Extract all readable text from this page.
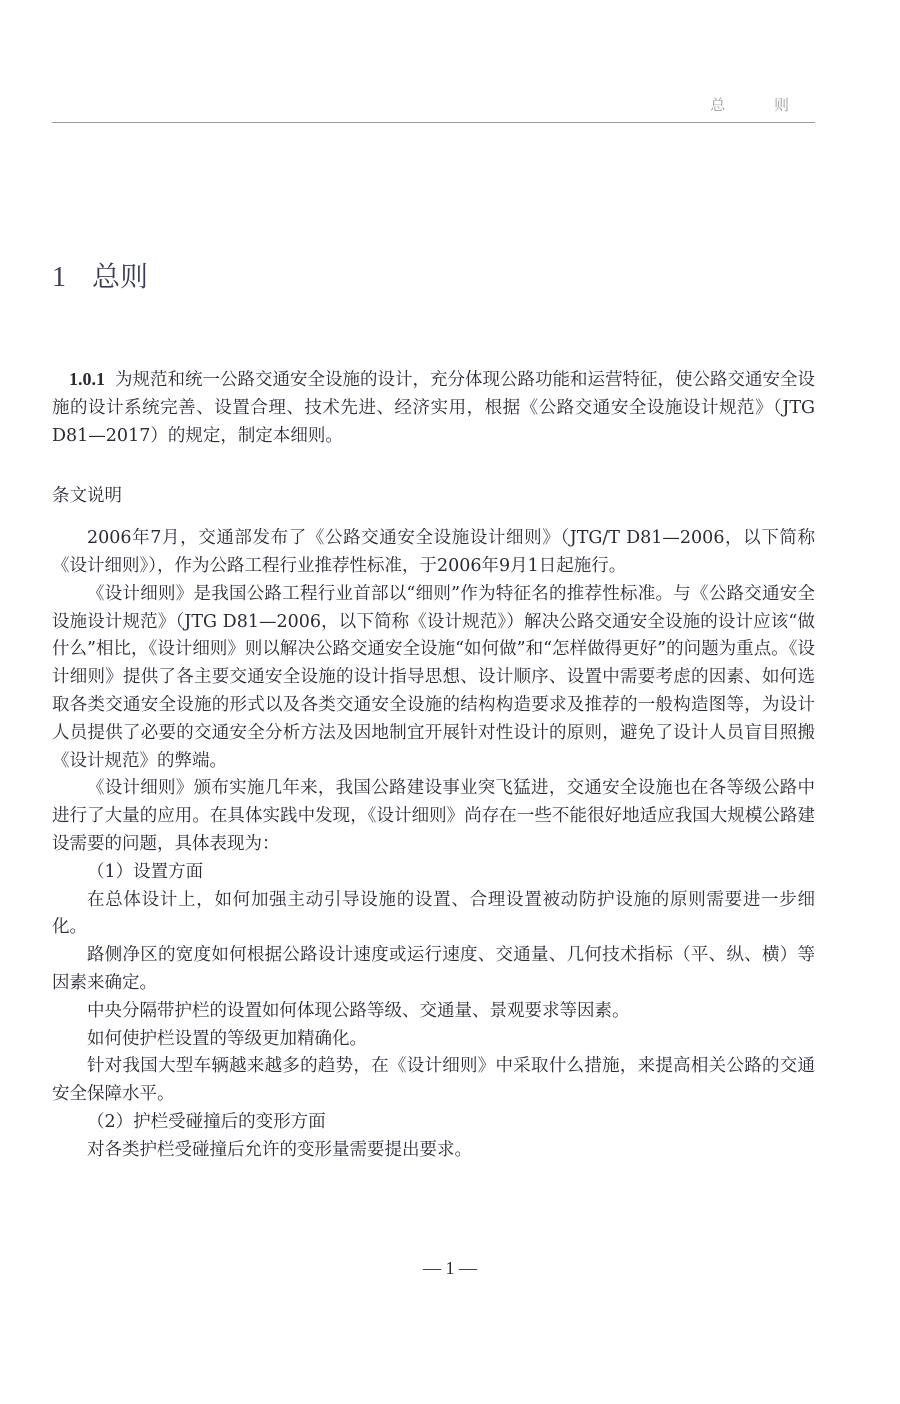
总 则
1 总则

1.0.1 为规范和统一公路交通安全设施的设计，充分体现公路功能和运营特征，使公路交通安全设施的设计系统完善、设置合理、技术先进、经济实用，根据《公路交通安全设施设计规范》（JTG D81—2017）的规定，制定本细则。

条文说明

2006年7月，交通部发布了《公路交通安全设施设计细则》（JTG/T D81—2006，以下简称《设计细则》），作为公路工程行业推荐性标准，于2006年9月1日起施行。

《设计细则》是我国公路工程行业首部以“细则”作为特征名的推荐性标准。与《公路交通安全设施设计规范》（JTG D81—2006，以下简称《设计规范》）解决公路交通安全设施的设计应该“做什么”相比，《设计细则》则以解决公路交通安全设施“如何做”和“怎样做得更好”的问题为重点。《设计细则》提供了各主要交通安全设施的设计指导思想、设计顺序、设置中需要考虑的因素、如何选取各类交通安全设施的形式以及各类交通安全设施的结构构造要求及推荐的一般构造图等，为设计人员提供了必要的交通安全分析方法及因地制宜开展针对性设计的原则，避免了设计人员盲目照搬《设计规范》的弊端。

《设计细则》颁布实施几年来，我国公路建设事业突飞猛进，交通安全设施也在各等级公路中进行了大量的应用。在具体实践中发现，《设计细则》尚存在一些不能很好地适应我国大规模公路建设需要的问题，具体表现为：

（1）设置方面

在总体设计上，如何加强主动引导设施的设置、合理设置被动防护设施的原则需要进一步细化。

路侧净区的宽度如何根据公路设计速度或运行速度、交通量、几何技术指标（平、纵、横）等因素来确定。

中央分隔带护栏的设置如何体现公路等级、交通量、景观要求等因素。

如何使护栏设置的等级更加精确化。

针对我国大型车辆越来越多的趋势，在《设计细则》中采取什么措施，来提高相关公路的交通安全保障水平。

（2）护栏受碰撞后的变形方面

对各类护栏受碰撞后允许的变形量需要提出要求。

— 1 —
